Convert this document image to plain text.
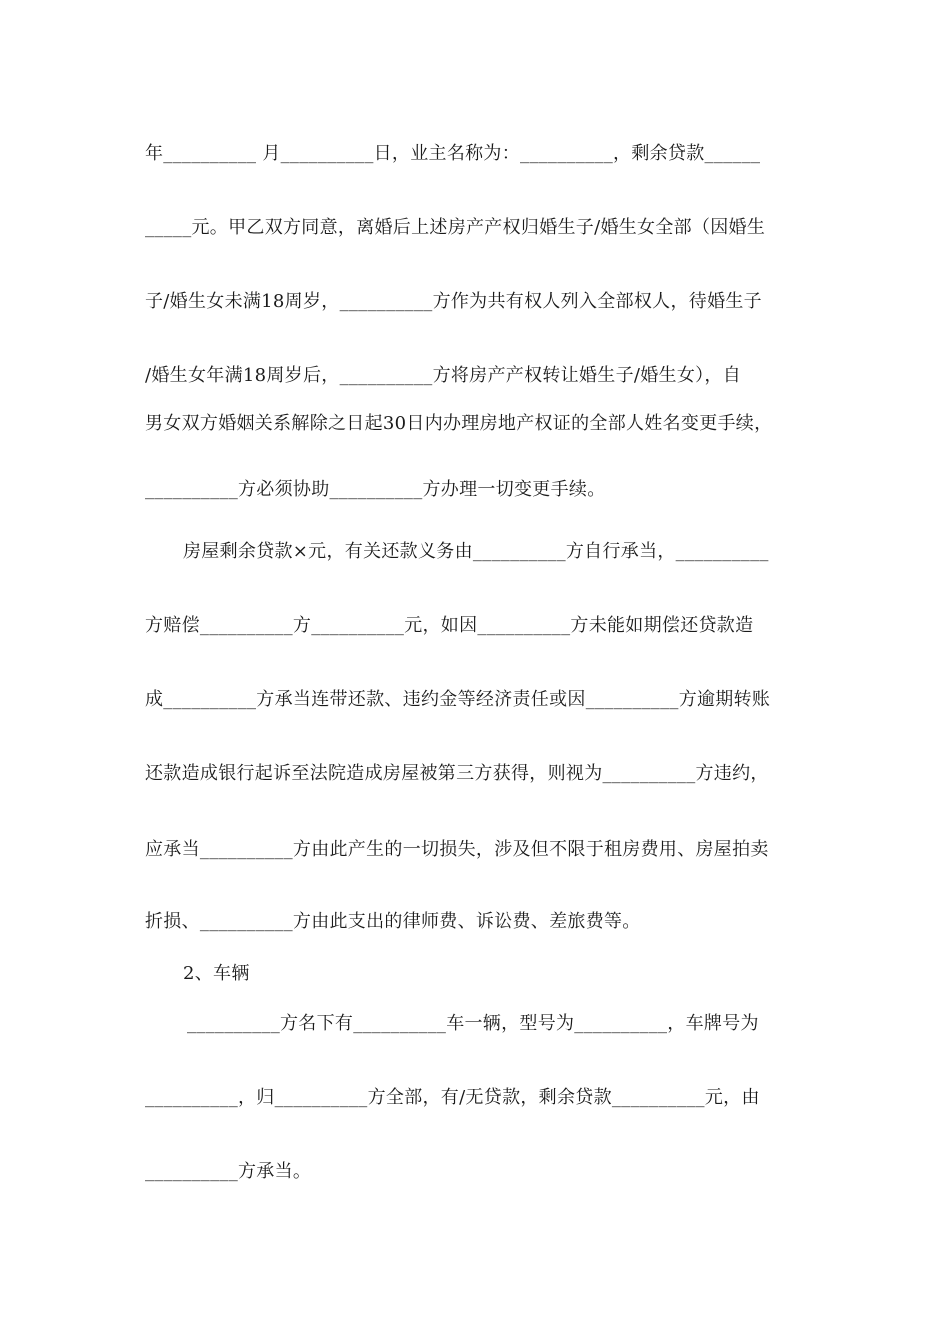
年__________ 月__________日，业主名称为：__________，剩余贷款______
_____元。甲乙双方同意，离婚后上述房产产权归婚生子/婚生女全部（因婚生
子/婚生女未满18周岁，__________方作为共有权人列入全部权人，待婚生子
/婚生女年满18周岁后，__________方将房产产权转让婚生子/婚生女），自
男女双方婚姻关系解除之日起30日内办理房地产权证的全部人姓名变更手续，
__________方必须协助__________方办理一切变更手续。
房屋剩余贷款×元，有关还款义务由__________方自行承当，__________
方赔偿__________方__________元，如因__________方未能如期偿还贷款造
成__________方承当连带还款、违约金等经济责任或因__________方逾期转账
还款造成银行起诉至法院造成房屋被第三方获得，则视为__________方违约，
应承当__________方由此产生的一切损失，涉及但不限于租房费用、房屋拍卖
折损、__________方由此支出的律师费、诉讼费、差旅费等。
2、车辆
__________方名下有__________车一辆，型号为__________，车牌号为
__________，归__________方全部，有/无贷款，剩余贷款__________元，由
__________方承当。
